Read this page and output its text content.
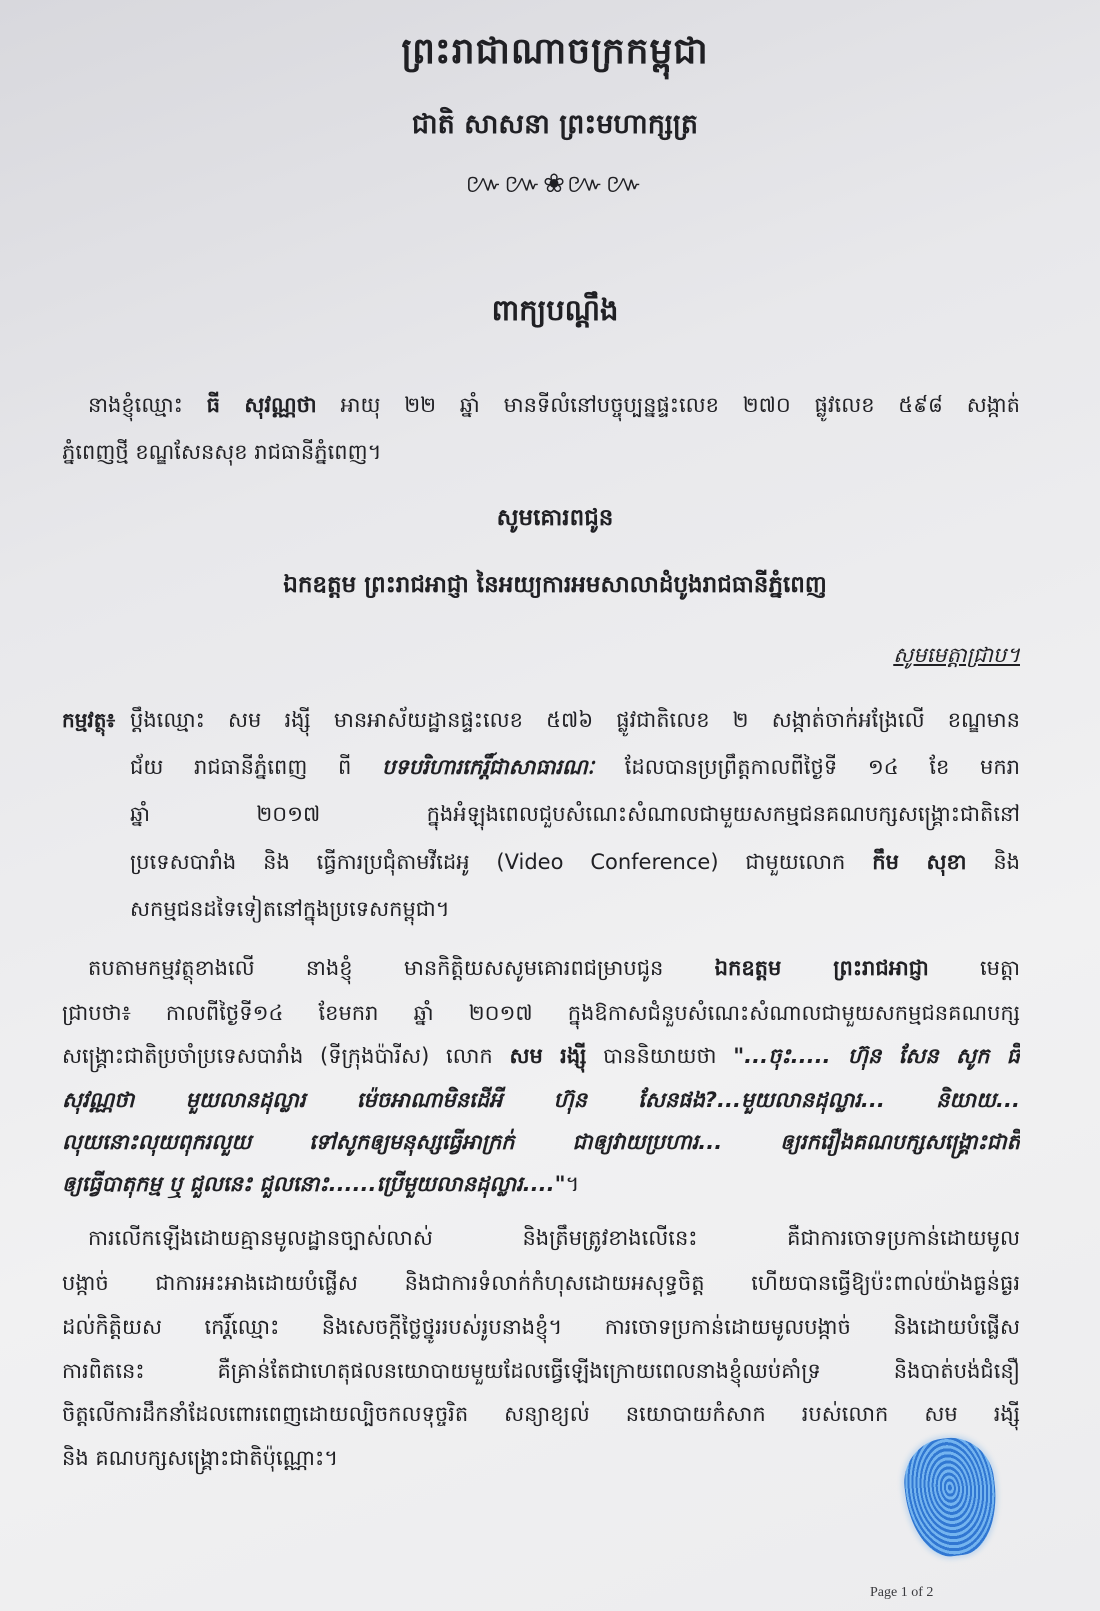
ព្រះរាជាណាចក្រកម្ពុជា
ជាតិ សាសនា ព្រះមហាក្សត្រ
៚៚❀៚៚
ពាក្យបណ្តឹង
នាងខ្ញុំឈ្មោះ ធី សុវណ្ណថា អាយុ ២២ ឆ្នាំ មានទីលំនៅបច្ចុប្បន្នផ្ទះលេខ ២៧០ ផ្លូវលេខ ៥៩៨ សង្កាត់
ភ្នំពេញថ្មី ខណ្ឌសែនសុខ រាជធានីភ្នំពេញ។
សូមគោរពជូន
ឯកឧត្តម ព្រះរាជអាជ្ញា នៃអយ្យការអមសាលាដំបូងរាជធានីភ្នំពេញ
សូមមេត្តាជ្រាប។
កម្មវត្ថុ៖ ប្តឹងឈ្មោះ សម រង្ស៊ី មានអាស័យដ្ឋានផ្ទះលេខ ៥៧៦ ផ្លូវជាតិលេខ ២ សង្កាត់ចាក់អង្រែលើ ខណ្ឌមាន
ជ័យ រាជធានីភ្នំពេញ ពី បទបរិហារកេរ្តិ៍ជាសាធារណៈ ដែលបានប្រព្រឹត្តកាលពីថ្ងៃទី ១៤ ខែ មករា
ឆ្នាំ ២០១៧ ក្នុងអំឡុងពេលជួបសំណេះសំណាលជាមួយសកម្មជនគណបក្សសង្គ្រោះជាតិនៅ
ប្រទេសបារាំង និង ធ្វើការប្រជុំតាមវីដេអូ (Video Conference) ជាមួយលោក កឹម សុខា និង
សកម្មជនដទៃទៀតនៅក្នុងប្រទេសកម្ពុជា។
តបតាមកម្មវត្ថុខាងលើ នាងខ្ញុំ មានកិត្តិយសសូមគោរពជម្រាបជូន ឯកឧត្តម ព្រះរាជអាជ្ញា មេត្តា
ជ្រាបថា៖ កាលពីថ្ងៃទី១៤ ខែមករា ឆ្នាំ ២០១៧ ក្នុងឱកាសជំនួបសំណេះសំណាលជាមួយសកម្មជនគណបក្ស
សង្គ្រោះជាតិប្រចាំប្រទេសបារាំង (ទីក្រុងប៉ារីស) លោក សម រង្ស៊ី បាននិយាយថា "...ចុះ..... ហ៊ុន សែន សូក ធី
សុវណ្ណថា មួយលានដុល្លារ ម៉េចអាណាមិនដើអី ហ៊ុន សែនផង?...មួយលានដុល្លារ... និយាយ...
លុយនោះលុយពុករលួយ ទៅសូកឲ្យមនុស្សធ្វើអាក្រក់ ជាឲ្យវាយប្រហារ... ឲ្យរករឿងគណបក្សសង្គ្រោះជាតិ
ឲ្យធ្វើបាតុកម្ម ឬ ជួលនេះ ជួលនោះ......ប្រើមួយលានដុល្លារ...."។
ការលើកឡើងដោយគ្មានមូលដ្ឋានច្បាស់លាស់ និងត្រឹមត្រូវខាងលើនេះ គឺជាការចោទប្រកាន់ដោយមូល
បង្កាច់ ជាការអះអាងដោយបំផ្លើស និងជាការទំលាក់កំហុសដោយអសុទ្ធចិត្ត ហើយបានធ្វើឱ្យប៉ះពាល់យ៉ាងធ្ងន់ធ្ងរ
ដល់កិត្តិយស កេរ្តិ៍ឈ្មោះ និងសេចក្តីថ្លៃថ្នូររបស់រូបនាងខ្ញុំ។ ការចោទប្រកាន់ដោយមូលបង្កាច់ និងដោយបំផ្លើស
ការពិតនេះ គឺគ្រាន់តែជាហេតុផលនយោបាយមួយដែលធ្វើឡើងក្រោយពេលនាងខ្ញុំឈប់គាំទ្រ និងបាត់បង់ជំនឿ
ចិត្តលើការដឹកនាំដែលពោរពេញដោយល្បិចកលទុច្ចរិត សន្យាខ្យល់ នយោបាយកំសាក របស់លោក សម រង្ស៊ី
និង គណបក្សសង្គ្រោះជាតិប៉ុណ្ណោះ។
Page 1 of 2
